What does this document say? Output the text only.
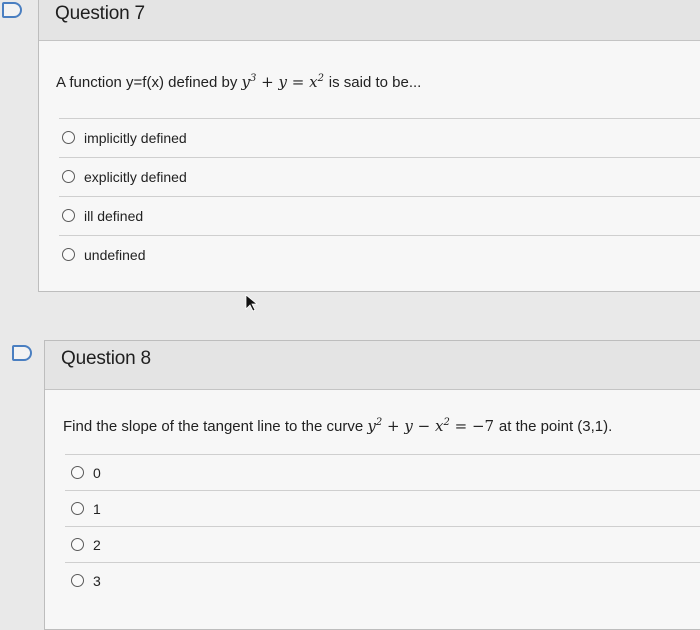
Question 7
A function y=f(x) defined by $y^3 + y = x^2$ is said to be...
implicitly defined
explicitly defined
ill defined
undefined
Question 8
Find the slope of the tangent line to the curve $y^2 + y - x^2 = -7$ at the point (3,1).
0
1
2
3
